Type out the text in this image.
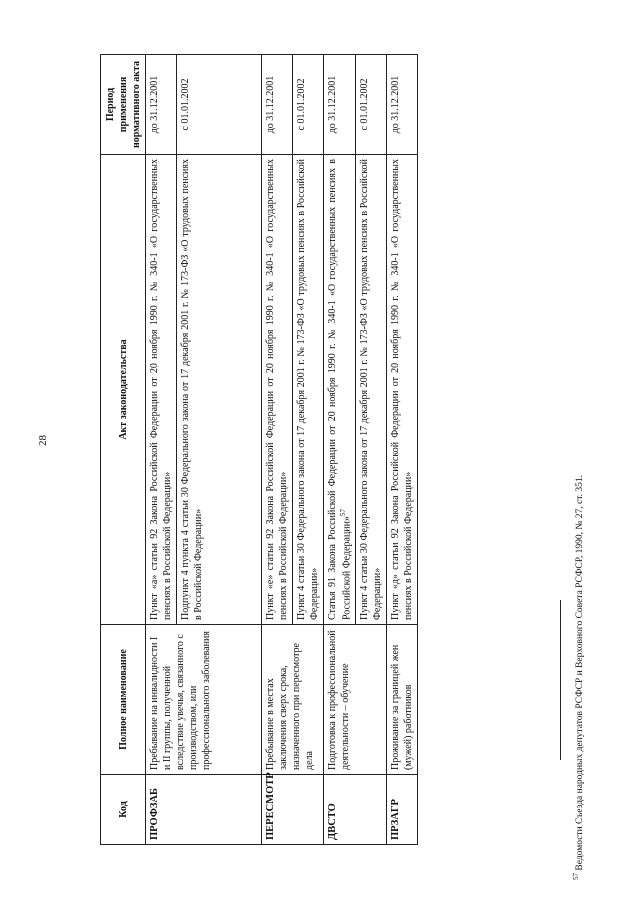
28
Код	Полное наименование	Акт законодательства	Период применения нормативного акта
ПРОФЗАБ	Пребывание на инвалидности I и II группы, полученной вследствие увечья, связанного с производством, или профессионального заболевания	Пункт «а» статьи 92 Закона Российской Федерации от 20 ноября 1990 г. № 340-1 «О государственных пенсиях в Российской Федерации»	до 31.12.2001
		Подпункт 4 пункта 4 статьи 30 Федерального закона от 17 декабря 2001 г. № 173-ФЗ «О трудовых пенсиях в Российской Федерации»	с 01.01.2002
ПЕРЕСМОТР	Пребывание в местах заключения сверх срока, назначенного при пересмотре дела	Пункт «е» статьи 92 Закона Российской Федерации от 20 ноября 1990 г. № 340-1 «О государственных пенсиях в Российской Федерации»	до 31.12.2001
		Пункт 4 статьи 30 Федерального закона от 17 декабря 2001 г. № 173-ФЗ «О трудовых пенсиях в Российской Федерации»	с 01.01.2002
ДВСТО	Подготовка к профессиональной деятельности – обучение	Статья 91 Закона Российской Федерации от 20 ноября 1990 г. № 340-1 «О государственных пенсиях в Российской Федерации»$^{57}$	до 31.12.2001
		Пункт 4 статьи 30 Федерального закона от 17 декабря 2001 г. № 173-ФЗ «О трудовых пенсиях в Российской Федерации»	с 01.01.2002
ПРЗАГР	Проживание за границей жен (мужей) работников	Пункт «д» статьи 92 Закона Российской Федерации от 20 ноября 1990 г. № 340-1 «О государственных пенсиях в Российской Федерации»	до 31.12.2001
$^{57}$ Ведомости Съезда народных депутатов РСФСР и Верховного Совета РСФСР, 1990, № 27, ст. 351.
